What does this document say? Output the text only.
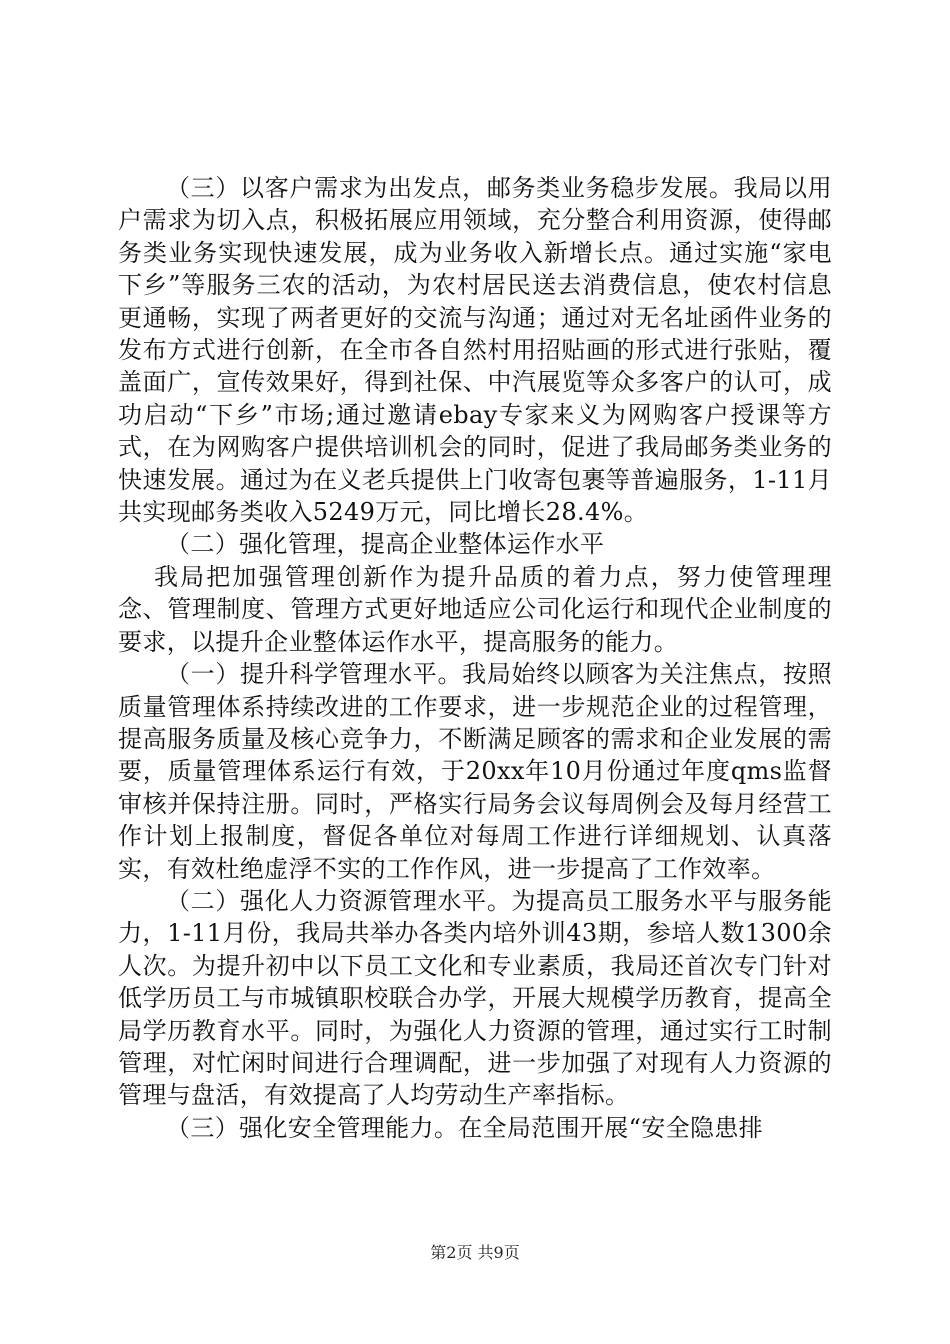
（三）以客户需求为出发点，邮务类业务稳步发展。我局以用户需求为切入点，积极拓展应用领域，充分整合利用资源，使得邮务类业务实现快速发展，成为业务收入新增长点。通过实施“家电下乡”等服务三农的活动，为农村居民送去消费信息，使农村信息更通畅，实现了两者更好的交流与沟通；通过对无名址函件业务的发布方式进行创新，在全市各自然村用招贴画的形式进行张贴，覆盖面广，宣传效果好，得到社保、中汽展览等众多客户的认可，成功启动“下乡”市场;通过邀请ebay专家来义为网购客户授课等方式，在为网购客户提供培训机会的同时，促进了我局邮务类业务的快速发展。通过为在义老兵提供上门收寄包裹等普遍服务，1-11月共实现邮务类收入5249万元，同比增长28.4%。

（二）强化管理，提高企业整体运作水平

我局把加强管理创新作为提升品质的着力点，努力使管理理念、管理制度、管理方式更好地适应公司化运行和现代企业制度的要求，以提升企业整体运作水平，提高服务的能力。

（一）提升科学管理水平。我局始终以顾客为关注焦点，按照质量管理体系持续改进的工作要求，进一步规范企业的过程管理，提高服务质量及核心竞争力，不断满足顾客的需求和企业发展的需要，质量管理体系运行有效，于20xx年10月份通过年度qms监督审核并保持注册。同时，严格实行局务会议每周例会及每月经营工作计划上报制度，督促各单位对每周工作进行详细规划、认真落实，有效杜绝虚浮不实的工作作风，进一步提高了工作效率。

（二）强化人力资源管理水平。为提高员工服务水平与服务能力，1-11月份，我局共举办各类内培外训43期，参培人数1300余人次。为提升初中以下员工文化和专业素质，我局还首次专门针对低学历员工与市城镇职校联合办学，开展大规模学历教育，提高全局学历教育水平。同时，为强化人力资源的管理，通过实行工时制管理，对忙闲时间进行合理调配，进一步加强了对现有人力资源的管理与盘活，有效提高了人均劳动生产率指标。

（三）强化安全管理能力。在全局范围开展“安全隐患排

第2页 共9页
